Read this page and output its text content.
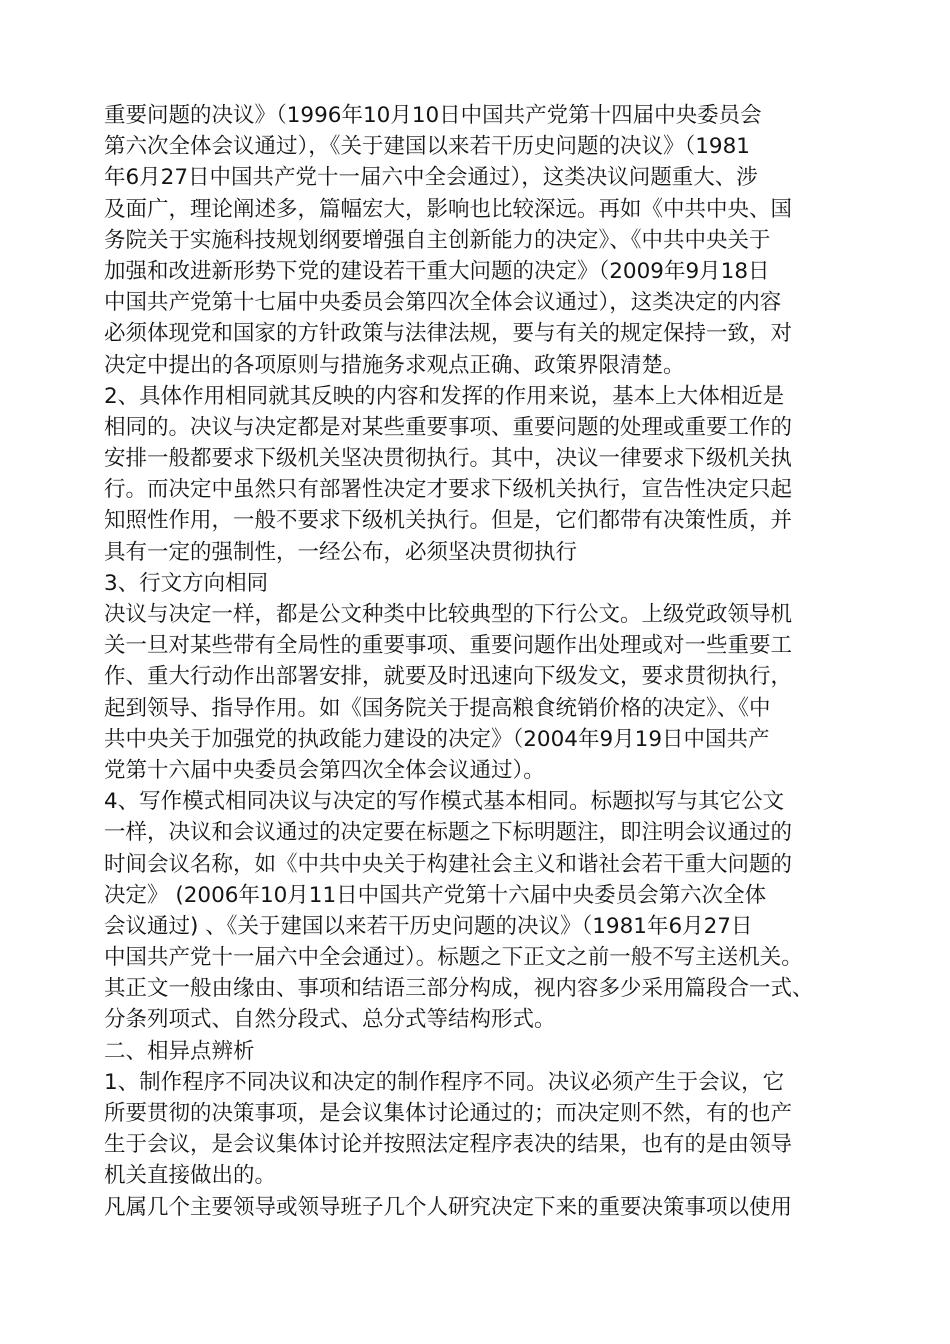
重要问题的决议》（1996年10月10日中国共产党第十四届中央委员会
第六次全体会议通过），《关于建国以来若干历史问题的决议》（1981
年6月27日中国共产党十一届六中全会通过），这类决议问题重大、涉
及面广，理论阐述多，篇幅宏大，影响也比较深远。再如《中共中央、国
务院关于实施科技规划纲要增强自主创新能力的决定》、《中共中央关于
加强和改进新形势下党的建设若干重大问题的决定》（2009年9月18日
中国共产党第十七届中央委员会第四次全体会议通过），这类决定的内容
必须体现党和国家的方针政策与法律法规，要与有关的规定保持一致，对
决定中提出的各项原则与措施务求观点正确、政策界限清楚。
2、具体作用相同就其反映的内容和发挥的作用来说，基本上大体相近是
相同的。决议与决定都是对某些重要事项、重要问题的处理或重要工作的
安排一般都要求下级机关坚决贯彻执行。其中，决议一律要求下级机关执
行。而决定中虽然只有部署性决定才要求下级机关执行，宣告性决定只起
知照性作用，一般不要求下级机关执行。但是，它们都带有决策性质，并
具有一定的强制性，一经公布，必须坚决贯彻执行
3、行文方向相同
决议与决定一样，都是公文种类中比较典型的下行公文。上级党政领导机
关一旦对某些带有全局性的重要事项、重要问题作出处理或对一些重要工
作、重大行动作出部署安排，就要及时迅速向下级发文，要求贯彻执行，
起到领导、指导作用。如《国务院关于提高粮食统销价格的决定》、《中
共中央关于加强党的执政能力建设的决定》（2004年9月19日中国共产
党第十六届中央委员会第四次全体会议通过）。
4、写作模式相同决议与决定的写作模式基本相同。标题拟写与其它公文
一样，决议和会议通过的决定要在标题之下标明题注，即注明会议通过的
时间会议名称，如《中共中央关于构建社会主义和谐社会若干重大问题的
决定》 (2006年10月11日中国共产党第十六届中央委员会第六次全体
会议通过) 、《关于建国以来若干历史问题的决议》（1981年6月27日
中国共产党十一届六中全会通过）。标题之下正文之前一般不写主送机关。
其正文一般由缘由、事项和结语三部分构成，视内容多少采用篇段合一式、
分条列项式、自然分段式、总分式等结构形式。
二、相异点辨析
1、制作程序不同决议和决定的制作程序不同。决议必须产生于会议，它
所要贯彻的决策事项，是会议集体讨论通过的；而决定则不然，有的也产
生于会议，是会议集体讨论并按照法定程序表决的结果，也有的是由领导
机关直接做出的。
凡属几个主要领导或领导班子几个人研究决定下来的重要决策事项以使用
